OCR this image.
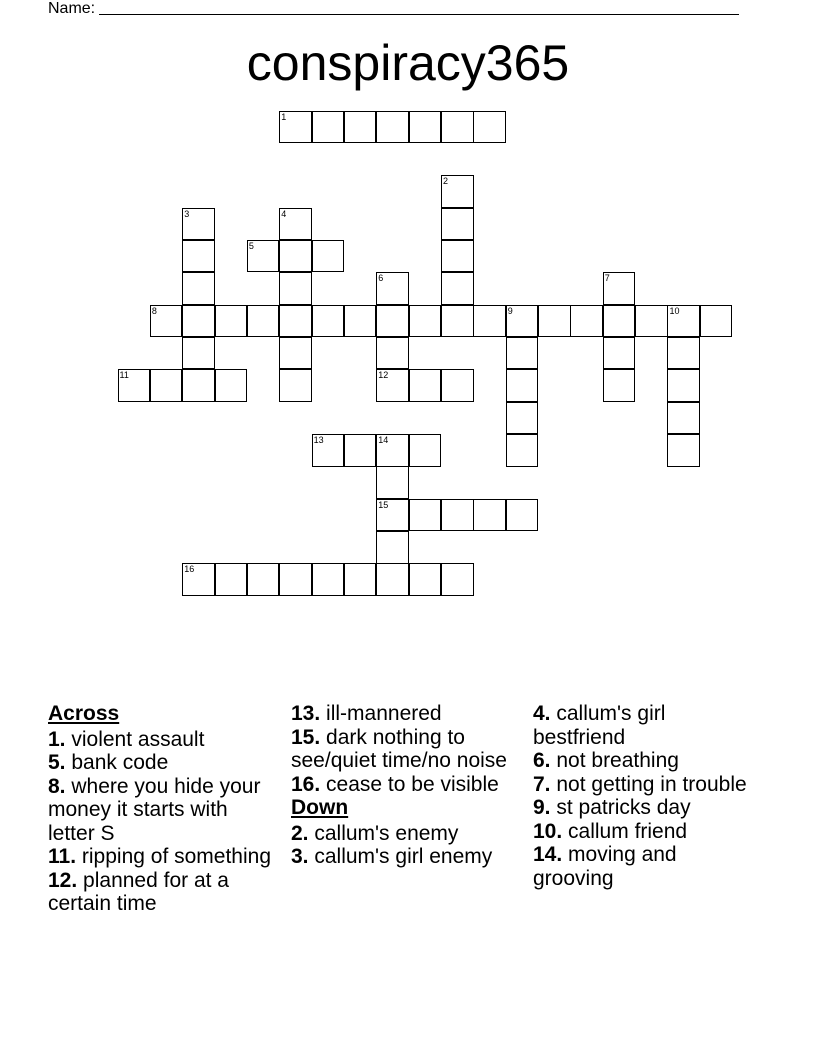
Name:
conspiracy365
1
5
8	9	10
11	12
13	14
15
16
2
3	4
6	7
Across
1. violent assault
5. bank code
8. where you hide your money it starts with letter S
11. ripping of something
12. planned for at a certain time
13. ill-mannered
15. dark nothing to see/quiet time/no noise
16. cease to be visible
Down
2. callum's enemy
3. callum's girl enemy
4. callum's girl bestfriend
6. not breathing
7. not getting in trouble
9. st patricks day
10. callum friend
14. moving and grooving
